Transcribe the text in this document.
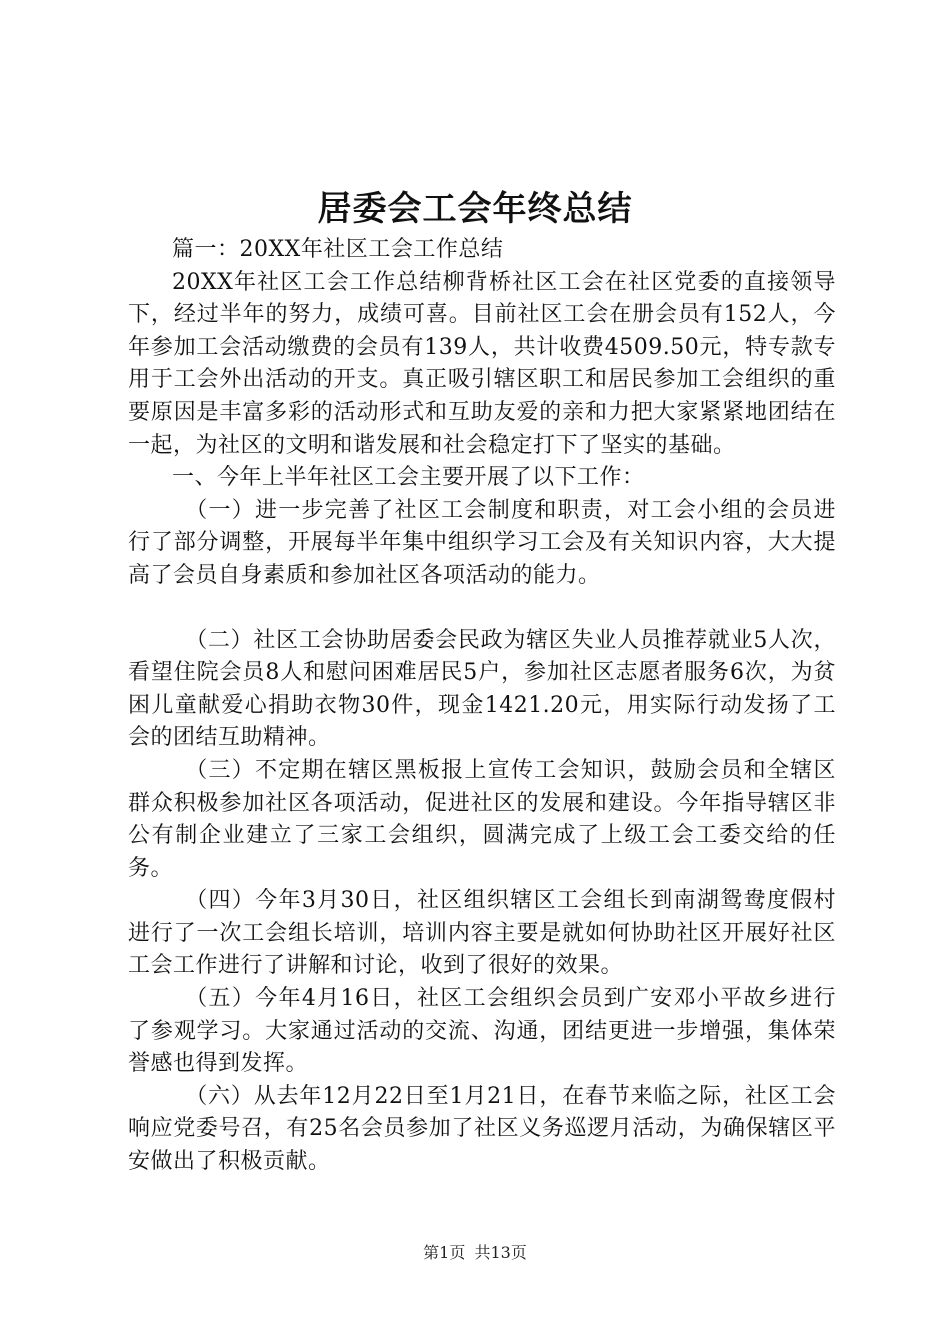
居委会工会年终总结

篇一：20XX年社区工会工作总结

20XX年社区工会工作总结柳背桥社区工会在社区党委的直接领导下，经过半年的努力，成绩可喜。目前社区工会在册会员有152人，今年参加工会活动缴费的会员有139人，共计收费4509.50元，特专款专用于工会外出活动的开支。真正吸引辖区职工和居民参加工会组织的重要原因是丰富多彩的活动形式和互助友爱的亲和力把大家紧紧地团结在一起，为社区的文明和谐发展和社会稳定打下了坚实的基础。

一、今年上半年社区工会主要开展了以下工作：

（一）进一步完善了社区工会制度和职责，对工会小组的会员进行了部分调整，开展每半年集中组织学习工会及有关知识内容，大大提高了会员自身素质和参加社区各项活动的能力。

（二）社区工会协助居委会民政为辖区失业人员推荐就业5人次，看望住院会员8人和慰问困难居民5户，参加社区志愿者服务6次，为贫困儿童献爱心捐助衣物30件，现金1421.20元，用实际行动发扬了工会的团结互助精神。

（三）不定期在辖区黑板报上宣传工会知识，鼓励会员和全辖区群众积极参加社区各项活动，促进社区的发展和建设。今年指导辖区非公有制企业建立了三家工会组织，圆满完成了上级工会工委交给的任务。

（四）今年3月30日，社区组织辖区工会组长到南湖鸳鸯度假村进行了一次工会组长培训，培训内容主要是就如何协助社区开展好社区工会工作进行了讲解和讨论，收到了很好的效果。

（五）今年4月16日，社区工会组织会员到广安邓小平故乡进行了参观学习。大家通过活动的交流、沟通，团结更进一步增强，集体荣誉感也得到发挥。

（六）从去年12月22日至1月21日，在春节来临之际，社区工会响应党委号召，有25名会员参加了社区义务巡逻月活动，为确保辖区平安做出了积极贡献。

第1页 共13页
